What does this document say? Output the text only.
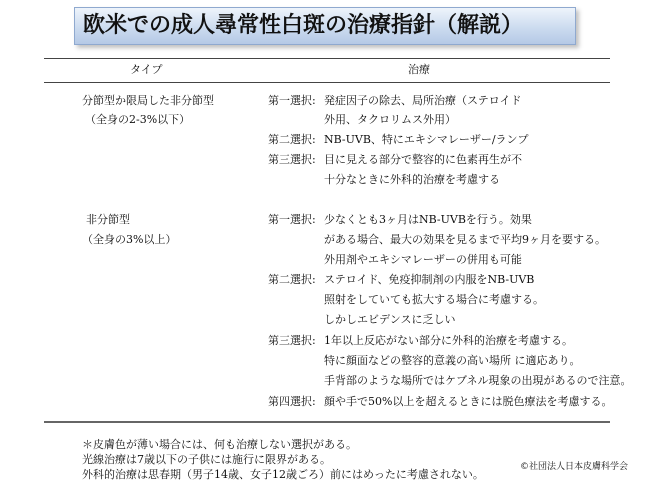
欧米での成人尋常性白斑の治療指針（解説）
タイプ	治療
分節型か限局した非分節型
（全身の2-3%以下）
第一選択: 発症因子の除去、局所治療（ステロイド
外用、タクロリムス外用）
第二選択: NB-UVB、特にエキシマレーザー/ランプ
第三選択: 目に見える部分で整容的に色素再生が不
十分なときに外科的治療を考慮する
非分節型
（全身の3%以上）
第一選択: 少なくとも3ヶ月はNB-UVBを行う。効果
がある場合、最大の効果を見るまで平均9ヶ月を要する。
外用剤やエキシマレーザーの併用も可能
第二選択: ステロイド、免疫抑制剤の内服をNB-UVB
照射をしていても拡大する場合に考慮する。
しかしエビデンスに乏しい
第三選択: 1年以上反応がない部分に外科的治療を考慮する。
特に顔面などの整容的意義の高い場所 に適応あり。
手背部のような場所ではケブネル現象の出現があるので注意。
第四選択: 顔や手で50%以上を超えるときには脱色療法を考慮する。
＊皮膚色が薄い場合には、何も治療しない選択がある。
光線治療は7歳以下の子供には施行に限界がある。
外科的治療は思春期（男子14歳、女子12歳ごろ）前にはめったに考慮されない。
©社団法人日本皮膚科学会
